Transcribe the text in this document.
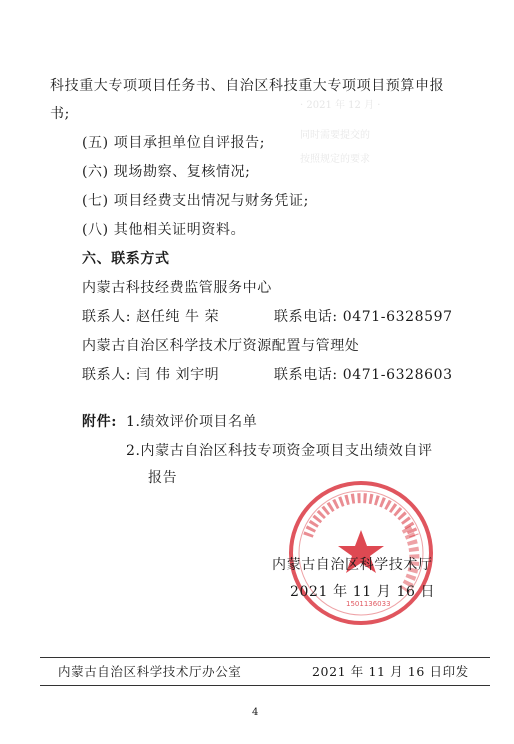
· 2021 年 12 月 ·
同时需要提交的
按照规定的要求
科技重大专项项目任务书、自治区科技重大专项项目预算申报
书;
(五) 项目承担单位自评报告;
(六) 现场勘察、复核情况;
(七) 项目经费支出情况与财务凭证;
(八) 其他相关证明资料。
六、联系方式
内蒙古科技经费监管服务中心
联系人: 赵任纯 牛 荣	联系电话: 0471-6328597
内蒙古自治区科学技术厅资源配置与管理处
联系人: 闫 伟 刘宇明	联系电话: 0471-6328603
附件: 1.绩效评价项目名单
2.内蒙古自治区科技专项资金项目支出绩效自评
报告
1501136033
内蒙古自治区科学技术厅
2021 年 11 月 16 日
内蒙古自治区科学技术厅办公室	2021 年 11 月 16 日印发
4
